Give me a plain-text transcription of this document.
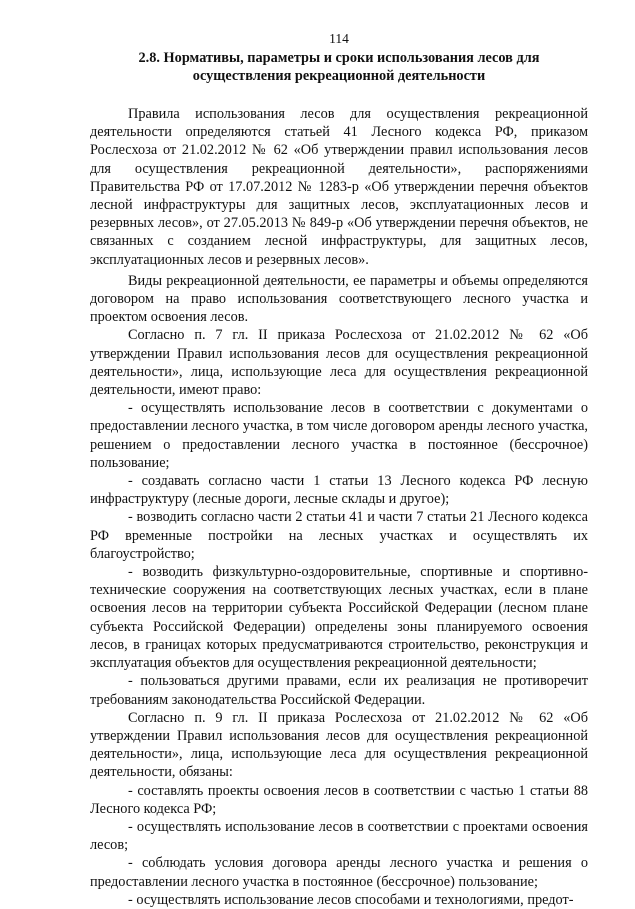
114
2.8. Нормативы, параметры и сроки использования лесов для
осуществления рекреационной деятельности

Правила использования лесов для осуществления рекреационной деятельности определяются статьей 41 Лесного кодекса РФ, приказом Рослесхоза от 21.02.2012 № 62 «Об утверждении правил использования лесов для осуществления рекреационной деятельности», распоряжениями Правительства РФ от 17.07.2012 № 1283-р «Об утверждении перечня объектов лесной инфраструктуры для защитных лесов, эксплуатационных лесов и резервных лесов», от 27.05.2013 № 849-р «Об утверждении перечня объектов, не связанных с созданием лесной инфраструктуры, для защитных лесов, эксплуатационных лесов и резервных лесов».

Виды рекреационной деятельности, ее параметры и объемы определяются договором на право использования соответствующего лесного участка и проектом освоения лесов.

Согласно п. 7 гл. II приказа Рослесхоза от 21.02.2012 № 62 «Об утверждении Правил использования лесов для осуществления рекреационной деятельности», лица, использующие леса для осуществления рекреационной деятельности, имеют право:

- осуществлять использование лесов в соответствии с документами о предоставлении лесного участка, в том числе договором аренды лесного участка, решением о предоставлении лесного участка в постоянное (бессрочное) пользование;

- создавать согласно части 1 статьи 13 Лесного кодекса РФ лесную инфраструктуру (лесные дороги, лесные склады и другое);

- возводить согласно части 2 статьи 41 и части 7 статьи 21 Лесного кодекса РФ временные постройки на лесных участках и осуществлять их благоустройство;

- возводить физкультурно-оздоровительные, спортивные и спортивно-технические сооружения на соответствующих лесных участках, если в плане освоения лесов на территории субъекта Российской Федерации (лесном плане субъекта Российской Федерации) определены зоны планируемого освоения лесов, в границах которых предусматриваются строительство, реконструкция и эксплуатация объектов для осуществления рекреационной деятельности;

- пользоваться другими правами, если их реализация не противоречит требованиям законодательства Российской Федерации.

Согласно п. 9 гл. II приказа Рослесхоза от 21.02.2012 № 62 «Об утверждении Правил использования лесов для осуществления рекреационной деятельности», лица, использующие леса для осуществления рекреационной деятельности, обязаны:

- составлять проекты освоения лесов в соответствии с частью 1 статьи 88 Лесного кодекса РФ;

- осуществлять использование лесов в соответствии с проектами освоения лесов;

- соблюдать условия договора аренды лесного участка и решения о предоставлении лесного участка в постоянное (бессрочное) пользование;

- осуществлять использование лесов способами и технологиями, предот-
